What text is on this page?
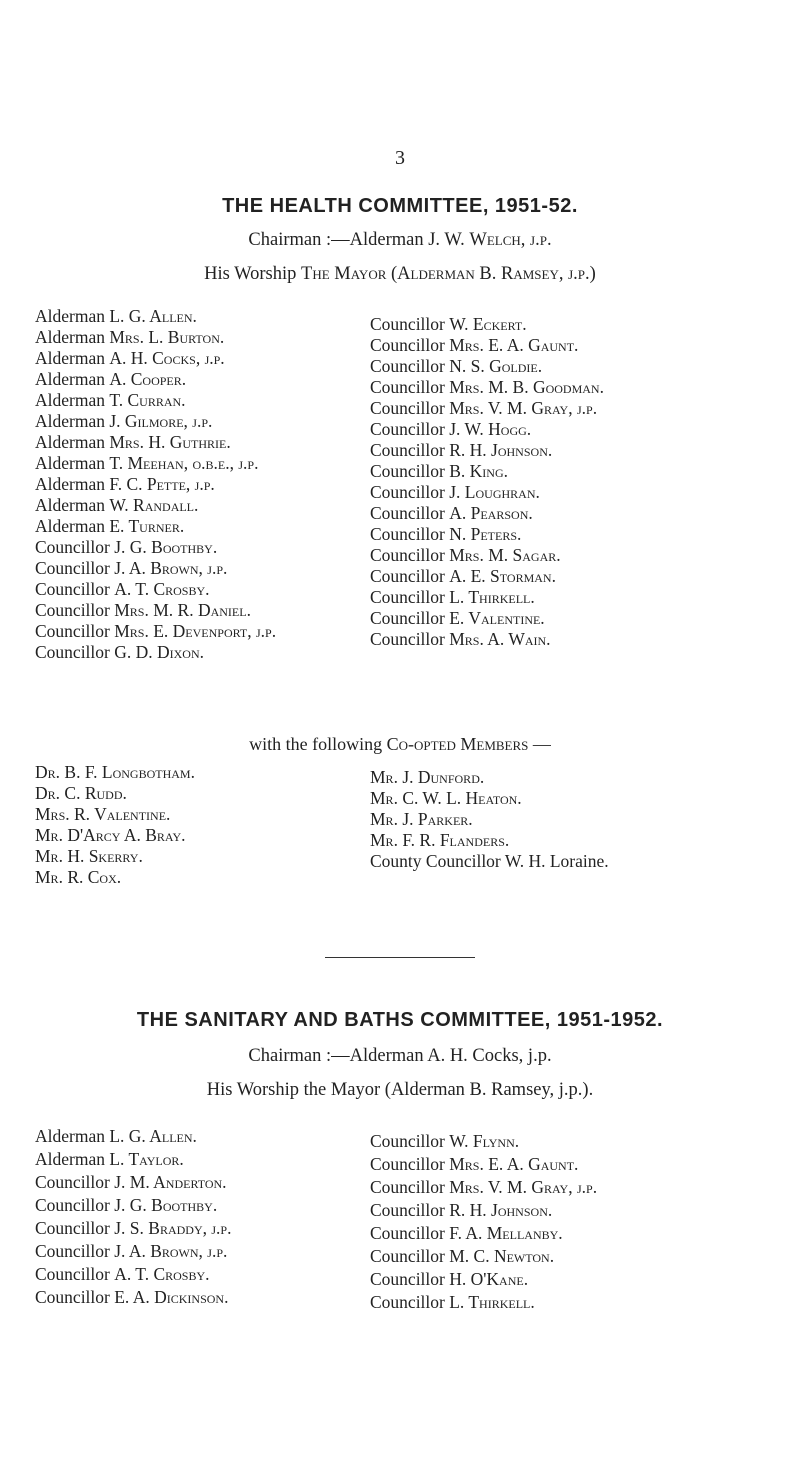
3
THE HEALTH COMMITTEE, 1951-52.
Chairman :—Alderman J. W. Welch, j.p.
His Worship The Mayor (Alderman B. Ramsey, j.p.)
Alderman L. G. Allen.
Alderman Mrs. L. Burton.
Alderman A. H. Cocks, j.p.
Alderman A. Cooper.
Alderman T. Curran.
Alderman J. Gilmore, j.p.
Alderman Mrs. H. Guthrie.
Alderman T. Meehan, o.b.e., j.p.
Alderman F. C. Pette, j.p.
Alderman W. Randall.
Alderman E. Turner.
Councillor J. G. Boothby.
Councillor J. A. Brown, j.p.
Councillor A. T. Crosby.
Councillor Mrs. M. R. Daniel.
Councillor Mrs. E. Devenport, j.p.
Councillor G. D. Dixon.
Councillor W. Eckert.
Councillor Mrs. E. A. Gaunt.
Councillor N. S. Goldie.
Councillor Mrs. M. B. Goodman.
Councillor Mrs. V. M. Gray, j.p.
Councillor J. W. Hogg.
Councillor R. H. Johnson.
Councillor B. King.
Councillor J. Loughran.
Councillor A. Pearson.
Councillor N. Peters.
Councillor Mrs. M. Sagar.
Councillor A. E. Storman.
Councillor L. Thirkell.
Councillor E. Valentine.
Councillor Mrs. A. Wain.
with the following Co-opted Members —
Dr. B. F. Longbotham.
Dr. C. Rudd.
Mrs. R. Valentine.
Mr. D'Arcy A. Bray.
Mr. H. Skerry.
Mr. R. Cox.
Mr. J. Dunford.
Mr. C. W. L. Heaton.
Mr. J. Parker.
Mr. F. R. Flanders.
County Councillor W. H. Loraine.
THE SANITARY AND BATHS COMMITTEE, 1951-1952.
Chairman :—Alderman A. H. Cocks, j.p.
His Worship the Mayor (Alderman B. Ramsey, j.p.).
Alderman L. G. Allen.
Alderman L. Taylor.
Councillor J. M. Anderton.
Councillor J. G. Boothby.
Councillor J. S. Braddy, j.p.
Councillor J. A. Brown, j.p.
Councillor A. T. Crosby.
Councillor E. A. Dickinson.
Councillor W. Flynn.
Councillor Mrs. E. A. Gaunt.
Councillor Mrs. V. M. Gray, j.p.
Councillor R. H. Johnson.
Councillor F. A. Mellanby.
Councillor M. C. Newton.
Councillor H. O'Kane.
Councillor L. Thirkell.
